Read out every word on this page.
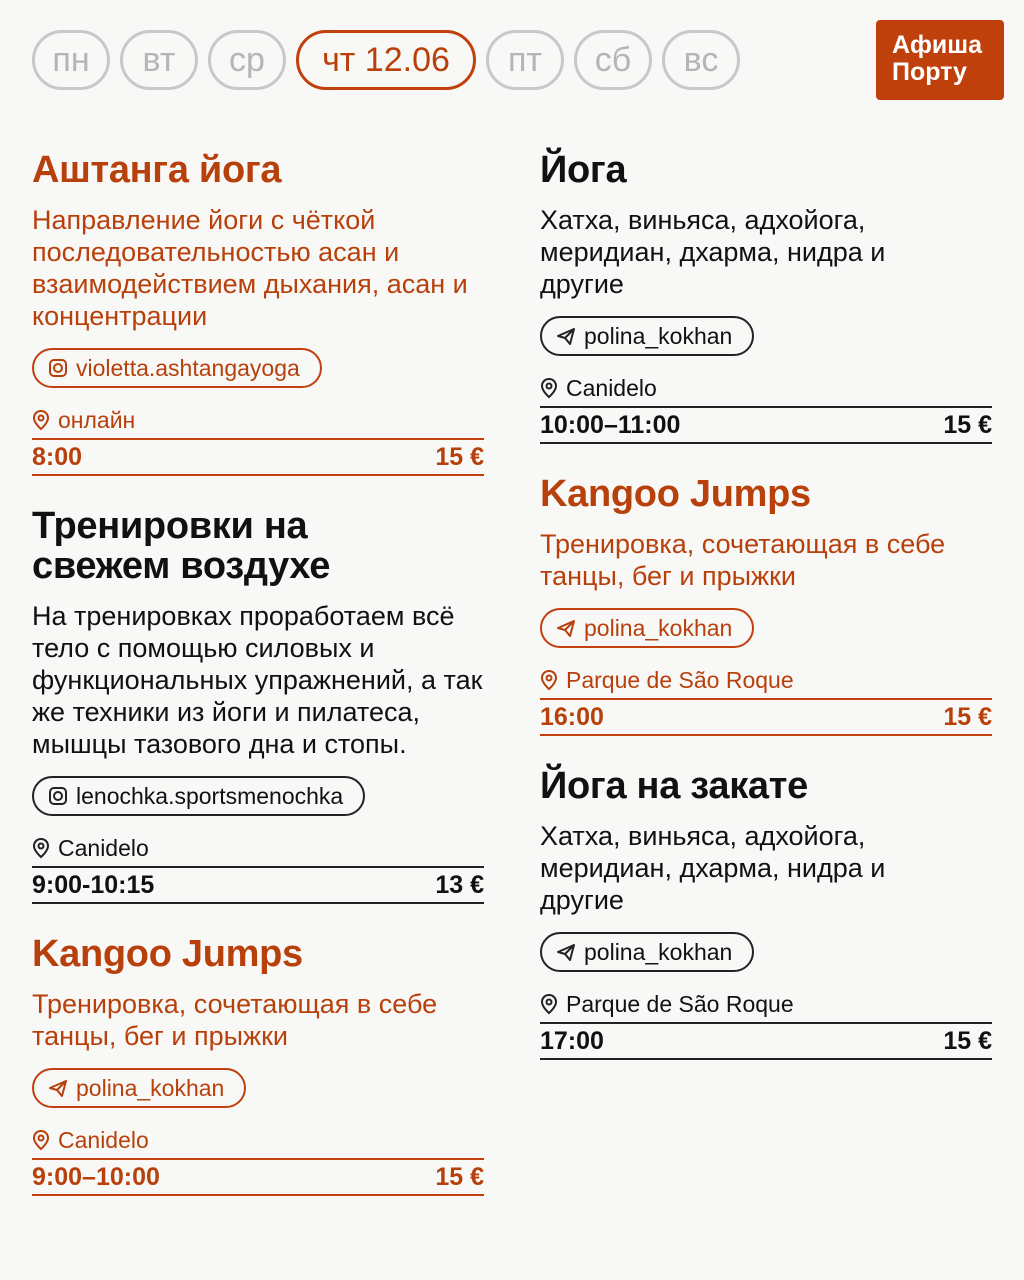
пн	вт	ср	чт 12.06	пт	сб	вс	Афиша
Порту
Аштанга йога
Направление йоги с чёткой последовательностью асан и взаимодействием дыхания, асан и концентрации
violetta.ashtangayoga
онлайн
8:00	15 €
Тренировки на свежем воздухе
На тренировках проработаем всё тело с помощью силовых и функциональных упражнений, а так же техники из йоги и пилатеса, мышцы тазового дна и стопы.
lenochka.sportsmenochka
Canidelo
9:00-10:15	13 €
Kangoo Jumps
Тренировка, сочетающая в себе танцы, бег и прыжки
polina_kokhan
Canidelo
9:00–10:00	15 €
Йога
Хатха, виньяса, адхойога, меридиан, дхарма, нидра и другие
polina_kokhan
Canidelo
10:00–11:00	15 €
Kangoo Jumps
Тренировка, сочетающая в себе танцы, бег и прыжки
polina_kokhan
Parque de São Roque
16:00	15 €
Йога на закате
Хатха, виньяса, адхойога, меридиан, дхарма, нидра и другие
polina_kokhan
Parque de São Roque
17:00	15 €
